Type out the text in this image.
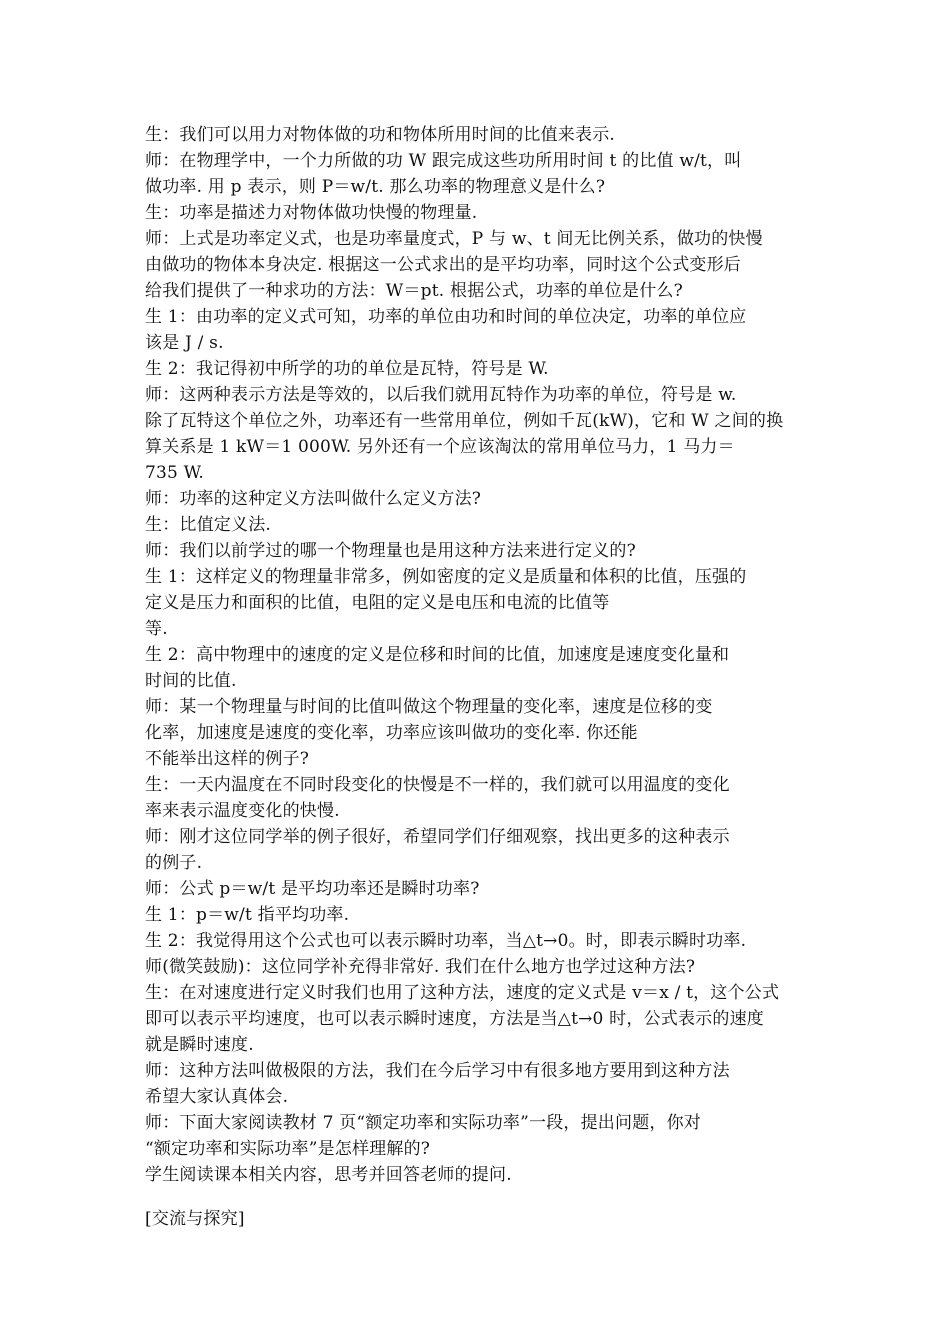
生：我们可以用力对物体做的功和物体所用时间的比值来表示.
师：在物理学中，一个力所做的功 W 跟完成这些功所用时间 t 的比值 w/t，叫
做功率. 用 p 表示，则 P＝w/t. 那么功率的物理意义是什么?
生：功率是描述力对物体做功快慢的物理量.
师：上式是功率定义式，也是功率量度式，P 与 w、t 间无比例关系，做功的快慢
由做功的物体本身决定. 根据这一公式求出的是平均功率，同时这个公式变形后
给我们提供了一种求功的方法：W＝pt. 根据公式，功率的单位是什么?
生 1：由功率的定义式可知，功率的单位由功和时间的单位决定，功率的单位应
该是 J / s.
生 2：我记得初中所学的功的单位是瓦特，符号是 W.
师：这两种表示方法是等效的，以后我们就用瓦特作为功率的单位，符号是 w.
除了瓦特这个单位之外，功率还有一些常用单位，例如千瓦(kW)，它和 W 之间的换
算关系是 1 kW＝1 000W. 另外还有一个应该淘汰的常用单位马力，1 马力＝
735 W.
师：功率的这种定义方法叫做什么定义方法?
生：比值定义法.
师：我们以前学过的哪一个物理量也是用这种方法来进行定义的?
生 1：这样定义的物理量非常多，例如密度的定义是质量和体积的比值，压强的
定义是压力和面积的比值，电阻的定义是电压和电流的比值等
等.
生 2：高中物理中的速度的定义是位移和时间的比值，加速度是速度变化量和
时间的比值.
师：某一个物理量与时间的比值叫做这个物理量的变化率，速度是位移的变
化率，加速度是速度的变化率，功率应该叫做功的变化率. 你还能
不能举出这样的例子?
生：一天内温度在不同时段变化的快慢是不一样的，我们就可以用温度的变化
率来表示温度变化的快慢.
师：刚才这位同学举的例子很好，希望同学们仔细观察，找出更多的这种表示
的例子.
师：公式 p＝w/t 是平均功率还是瞬时功率?
生 1：p＝w/t 指平均功率.
生 2：我觉得用这个公式也可以表示瞬时功率，当△t→0。时，即表示瞬时功率.
师(微笑鼓励)：这位同学补充得非常好. 我们在什么地方也学过这种方法?
生：在对速度进行定义时我们也用了这种方法，速度的定义式是 v＝x / t，这个公式
即可以表示平均速度，也可以表示瞬时速度，方法是当△t→0 时，公式表示的速度
就是瞬时速度.
师：这种方法叫做极限的方法，我们在今后学习中有很多地方要用到这种方法
希望大家认真体会.
师：下面大家阅读教材 7 页“额定功率和实际功率”一段，提出问题，你对
“额定功率和实际功率”是怎样理解的?
学生阅读课本相关内容，思考并回答老师的提问.
[交流与探究]
